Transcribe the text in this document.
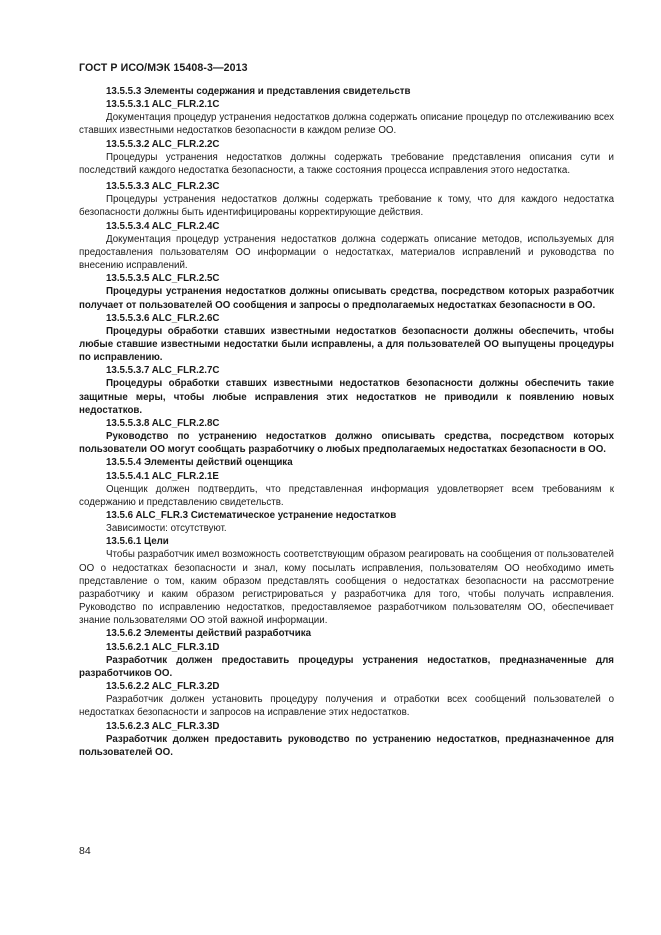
ГОСТ Р ИСО/МЭК 15408-3—2013

13.5.5.3 Элементы содержания и представления свидетельств

13.5.5.3.1 ALC_FLR.2.1C

Документация процедур устранения недостатков должна содержать описание процедур по отслеживанию всех ставших известными недостатков безопасности в каждом релизе ОО.

13.5.5.3.2 ALC_FLR.2.2C

Процедуры устранения недостатков должны содержать требование представления описания сути и последствий каждого недостатка безопасности, а также состояния процесса исправления этого недостатка.

13.5.5.3.3 ALC_FLR.2.3C

Процедуры устранения недостатков должны содержать требование к тому, что для каждого недостатка безопасности должны быть идентифицированы корректирующие действия.

13.5.5.3.4 ALC_FLR.2.4C

Документация процедур устранения недостатков должна содержать описание методов, используемых для предоставления пользователям ОО информации о недостатках, материалов исправлений и руководства по внесению исправлений.

13.5.5.3.5 ALC_FLR.2.5C

Процедуры устранения недостатков должны описывать средства, посредством которых разработчик получает от пользователей ОО сообщения и запросы о предполагаемых недостатках безопасности в ОО.

13.5.5.3.6 ALC_FLR.2.6C

Процедуры обработки ставших известными недостатков безопасности должны обеспечить, чтобы любые ставшие известными недостатки были исправлены, а для пользователей ОО выпущены процедуры по исправлению.

13.5.5.3.7 ALC_FLR.2.7C

Процедуры обработки ставших известными недостатков безопасности должны обеспечить такие защитные меры, чтобы любые исправления этих недостатков не приводили к появлению новых недостатков.

13.5.5.3.8 ALC_FLR.2.8C

Руководство по устранению недостатков должно описывать средства, посредством которых пользователи ОО могут сообщать разработчику о любых предполагаемых недостатках безопасности в ОО.

13.5.5.4 Элементы действий оценщика

13.5.5.4.1 ALC_FLR.2.1E

Оценщик должен подтвердить, что представленная информация удовлетворяет всем требованиям к содержанию и представлению свидетельств.

13.5.6 ALC_FLR.3 Систематическое устранение недостатков

Зависимости: отсутствуют.

13.5.6.1 Цели

Чтобы разработчик имел возможность соответствующим образом реагировать на сообщения от пользователей ОО о недостатках безопасности и знал, кому посылать исправления, пользователям ОО необходимо иметь представление о том, каким образом представлять сообщения о недостатках безопасности на рассмотрение разработчику и каким образом регистрироваться у разработчика для того, чтобы получать исправления. Руководство по исправлению недостатков, предоставляемое разработчиком пользователям ОО, обеспечивает знание пользователями ОО этой важной информации.

13.5.6.2 Элементы действий разработчика

13.5.6.2.1 ALC_FLR.3.1D

Разработчик должен предоставить процедуры устранения недостатков, предназначенные для разработчиков ОО.

13.5.6.2.2 ALC_FLR.3.2D

Разработчик должен установить процедуру получения и отработки всех сообщений пользователей о недостатках безопасности и запросов на исправление этих недостатков.

13.5.6.2.3 ALC_FLR.3.3D

Разработчик должен предоставить руководство по устранению недостатков, предназначенное для пользователей ОО.

84
